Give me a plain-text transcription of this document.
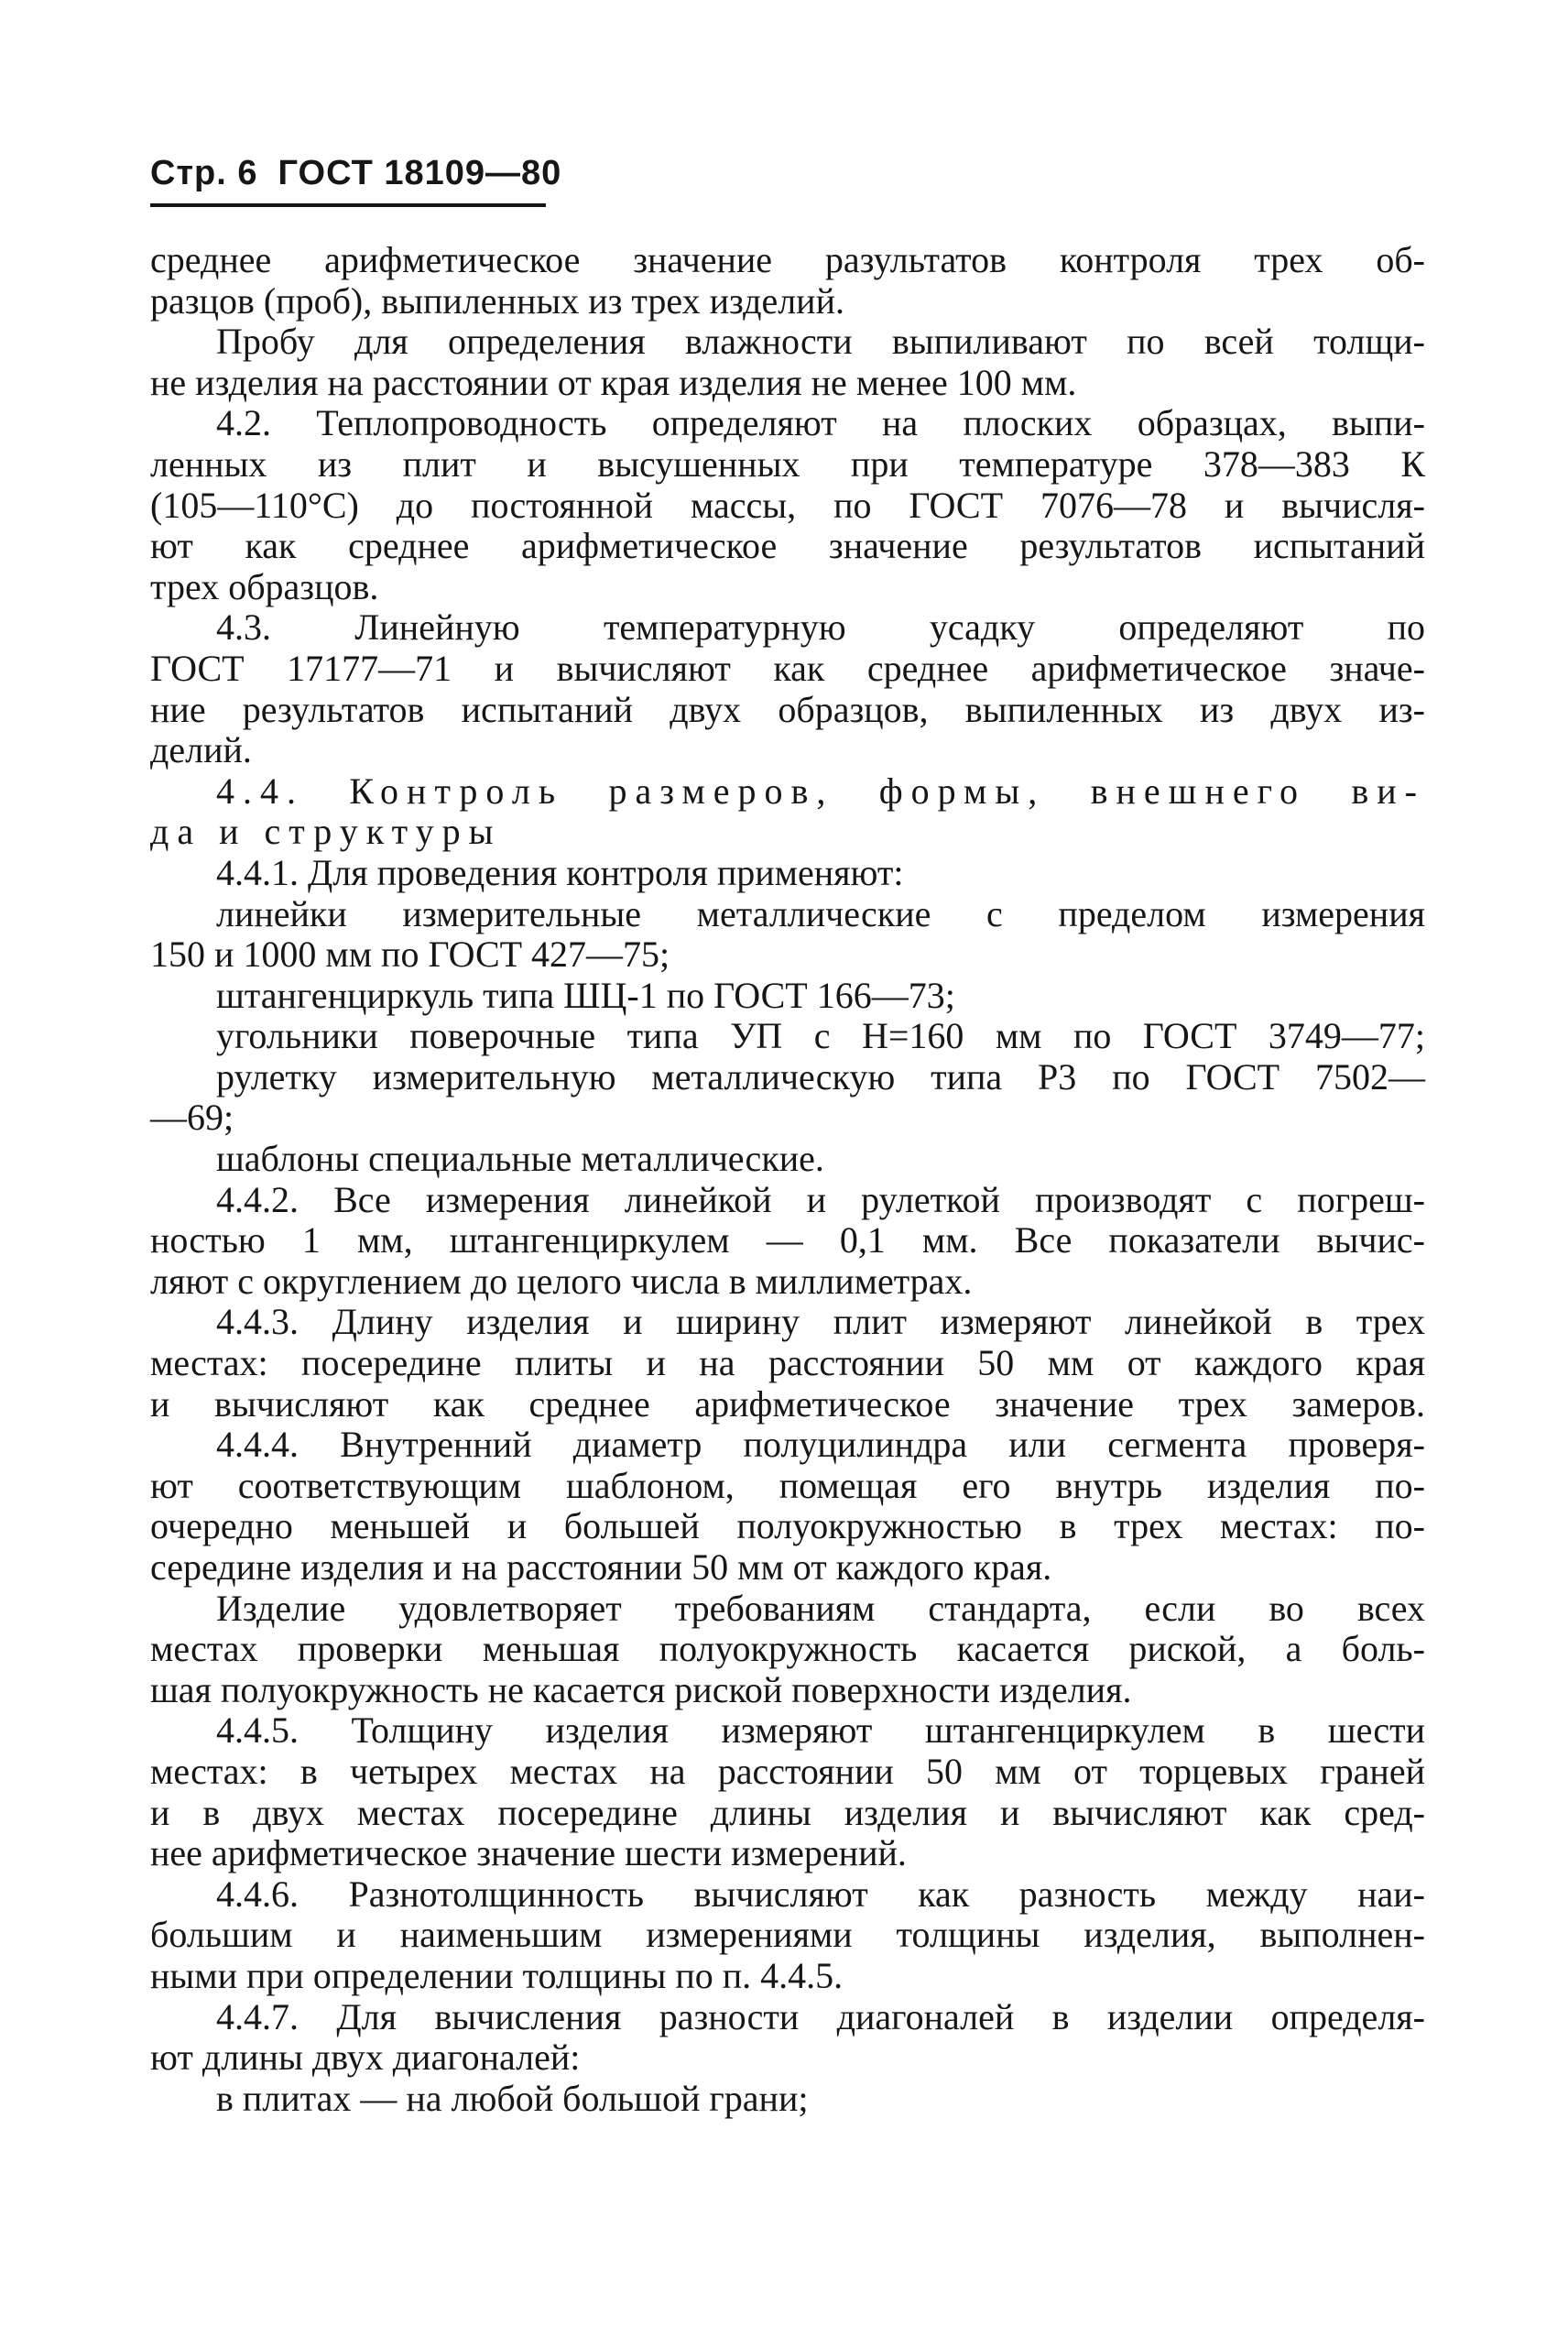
Стр. 6 ГОСТ 18109—80
среднее арифметическое значение разультатов контроля трех об-
разцов (проб), выпиленных из трех изделий.
Пробу для определения влажности выпиливают по всей толщи-
не изделия на расстоянии от края изделия не менее 100 мм.
4.2. Теплопроводность определяют на плоских образцах, выпи-
ленных из плит и высушенных при температуре 378—383 К
(105—110°С) до постоянной массы, по ГОСТ 7076—78 и вычисля-
ют как среднее арифметическое значение результатов испытаний
трех образцов.
4.3. Линейную температурную усадку определяют по
ГОСТ 17177—71 и вычисляют как среднее арифметическое значе-
ние результатов испытаний двух образцов, выпиленных из двух из-
делий.
4.4. Контроль размеров, формы, внешнего ви-
да и структуры
4.4.1. Для проведения контроля применяют:
линейки измерительные металлические с пределом измерения
150 и 1000 мм по ГОСТ 427—75;
штангенциркуль типа ШЦ-1 по ГОСТ 166—73;
угольники поверочные типа УП с Н=160 мм по ГОСТ 3749—77;
рулетку измерительную металлическую типа Р3 по ГОСТ 7502—
—69;
шаблоны специальные металлические.
4.4.2. Все измерения линейкой и рулеткой производят с погреш-
ностью 1 мм, штангенциркулем — 0,1 мм. Все показатели вычис-
ляют с округлением до целого числа в миллиметрах.
4.4.3. Длину изделия и ширину плит измеряют линейкой в трех
местах: посередине плиты и на расстоянии 50 мм от каждого края
и вычисляют как среднее арифметическое значение трех замеров.
4.4.4. Внутренний диаметр полуцилиндра или сегмента проверя-
ют соответствующим шаблоном, помещая его внутрь изделия по-
очередно меньшей и большей полуокружностью в трех местах: по-
середине изделия и на расстоянии 50 мм от каждого края.
Изделие удовлетворяет требованиям стандарта, если во всех
местах проверки меньшая полуокружность касается риской, а боль-
шая полуокружность не касается риской поверхности изделия.
4.4.5. Толщину изделия измеряют штангенциркулем в шести
местах: в четырех местах на расстоянии 50 мм от торцевых граней
и в двух местах посередине длины изделия и вычисляют как сред-
нее арифметическое значение шести измерений.
4.4.6. Разнотолщинность вычисляют как разность между наи-
большим и наименьшим измерениями толщины изделия, выполнен-
ными при определении толщины по п. 4.4.5.
4.4.7. Для вычисления разности диагоналей в изделии определя-
ют длины двух диагоналей:
в плитах — на любой большой грани;
